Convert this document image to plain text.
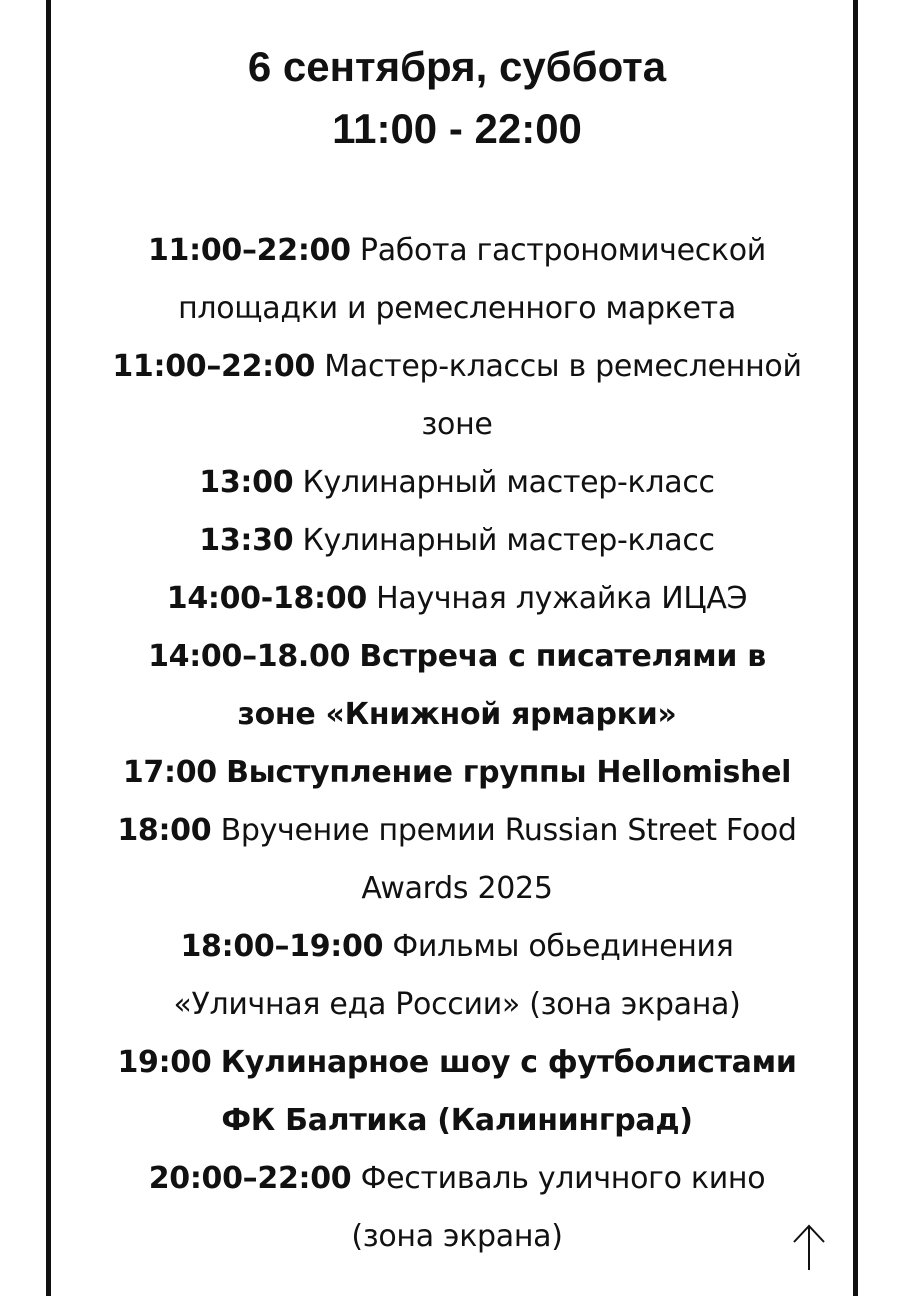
6 сентября, суббота
11:00 - 22:00
11:00–22:00 Работа гастрономической площадки и ремесленного маркета
11:00–22:00 Мастер-классы в ремесленной зоне
13:00 Кулинарный мастер-класс
13:30 Кулинарный мастер-класс
14:00-18:00 Научная лужайка ИЦАЭ
14:00–18.00 Встреча с писателями в зоне «Книжной ярмарки»
17:00 Выступление группы Hellomishel
18:00 Вручение премии Russian Street Food Awards 2025
18:00–19:00 Фильмы обьединения «Уличная еда России» (зона экрана)
19:00 Кулинарное шоу с футболистами ФК Балтика (Калининград)
20:00–22:00 Фестиваль уличного кино (зона экрана)
